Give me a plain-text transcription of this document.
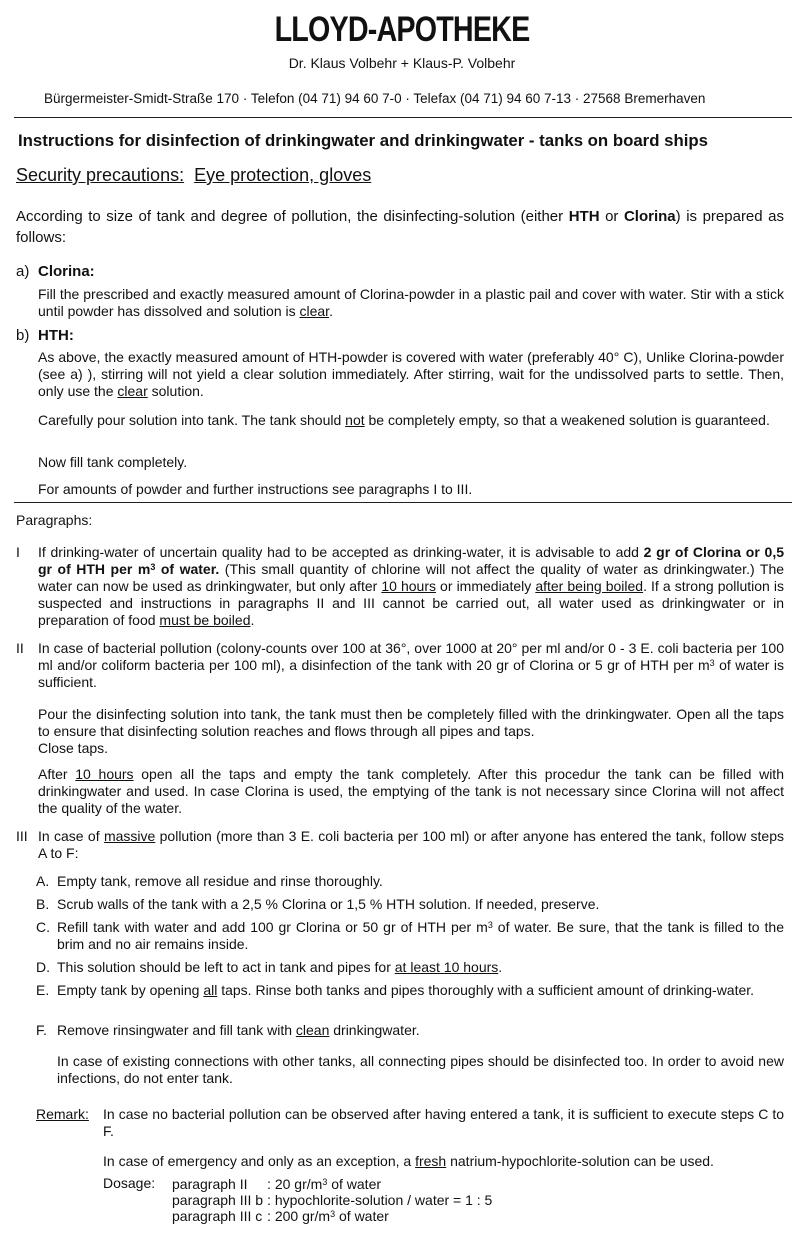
LLOYD-APOTHEKE
Dr. Klaus Volbehr + Klaus-P. Volbehr
Bürgermeister-Smidt-Straße 170 · Telefon (04 71) 94 60 7-0 · Telefax (04 71) 94 60 7-13 · 27568 Bremerhaven
Instructions for disinfection of drinkingwater and drinkingwater - tanks on board ships
Security precautions: Eye protection, gloves
According to size of tank and degree of pollution, the disinfecting-solution (either HTH or Clorina) is prepared as follows:
a) Clorina:
Fill the prescribed and exactly measured amount of Clorina-powder in a plastic pail and cover with water. Stir with a stick until powder has dissolved and solution is clear.
b) HTH:
As above, the exactly measured amount of HTH-powder is covered with water (preferably 40° C), Unlike Clorina-powder (see a) ), stirring will not yield a clear solution immediately. After stirring, wait for the undissolved parts to settle. Then, only use the clear solution.
Carefully pour solution into tank. The tank should not be completely empty, so that a weakened solution is guaranteed.
Now fill tank completely.
For amounts of powder and further instructions see paragraphs I to III.
Paragraphs:
I If drinking-water of uncertain quality had to be accepted as drinking-water, it is advisable to add 2 gr of Clorina or 0,5 gr of HTH per $m^3$ of water. (This small quantity of chlorine will not affect the quality of water as drinkingwater.) The water can now be used as drinkingwater, but only after 10 hours or immediately after being boiled. If a strong pollution is suspected and instructions in paragraphs II and III cannot be carried out, all water used as drinkingwater or in preparation of food must be boiled.
II In case of bacterial pollution (colony-counts over 100 at 36°, over 1000 at 20° per ml and/or 0 - 3 E. coli bacteria per 100 ml and/or coliform bacteria per 100 ml), a disinfection of the tank with 20 gr of Clorina or 5 gr of HTH per $m^3$ of water is sufficient.
Pour the disinfecting solution into tank, the tank must then be completely filled with the drinkingwater. Open all the taps to ensure that disinfecting solution reaches and flows through all pipes and taps.
Close taps.
After 10 hours open all the taps and empty the tank completely. After this procedur the tank can be filled with drinkingwater and used. In case Clorina is used, the emptying of the tank is not necessary since Clorina will not affect the quality of the water.
III In case of massive pollution (more than 3 E. coli bacteria per 100 ml) or after anyone has entered the tank, follow steps A to F:
A. Empty tank, remove all residue and rinse thoroughly.
B. Scrub walls of the tank with a 2,5 % Clorina or 1,5 % HTH solution. If needed, preserve.
C. Refill tank with water and add 100 gr Clorina or 50 gr of HTH per $m^3$ of water. Be sure, that the tank is filled to the brim and no air remains inside.
D. This solution should be left to act in tank and pipes for at least 10 hours.
E. Empty tank by opening all taps. Rinse both tanks and pipes thoroughly with a sufficient amount of drinking-water.
F. Remove rinsingwater and fill tank with clean drinkingwater.
In case of existing connections with other tanks, all connecting pipes should be disinfected too. In order to avoid new infections, do not enter tank.
Remark: In case no bacterial pollution can be observed after having entered a tank, it is sufficient to execute steps C to F.
In case of emergency and only as an exception, a fresh natrium-hypochlorite-solution can be used.
Dosage: paragraph II	: 20 $gr/m^3$ of water
paragraph III b	: hypochlorite-solution / water = 1 : 5
paragraph III c	: 200 $gr/m^3$ of water
